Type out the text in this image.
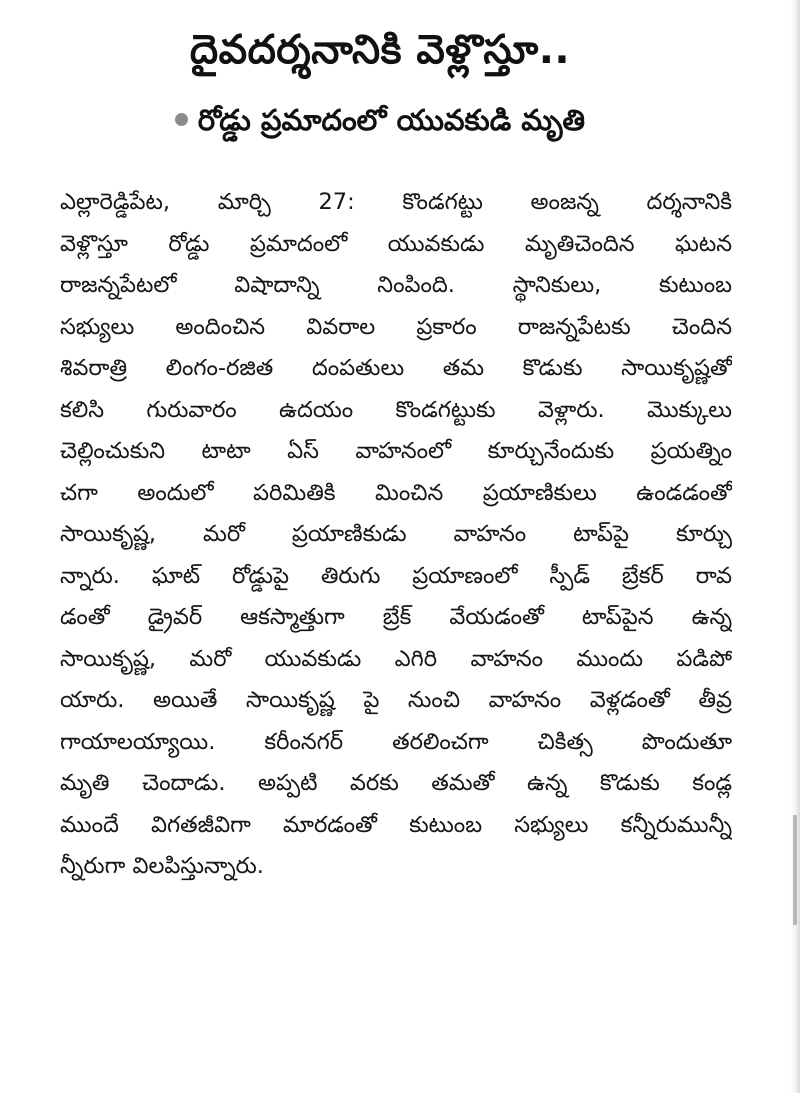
దైవదర్శనానికి వెళ్లొస్తూ..
రోడ్డు ప్రమాదంలో యువకుడి మృతి
ఎల్లారెడ్డిపేట, మార్చి 27: కొండగట్టు అంజన్న దర్శనానికి
వెళ్లొస్తూ రోడ్డు ప్రమాదంలో యువకుడు మృతిచెందిన ఘటన
రాజన్నపేటలో విషాదాన్ని నింపింది. స్థానికులు, కుటుంబ
సభ్యులు అందించిన వివరాల ప్రకారం రాజన్నపేటకు చెందిన
శివరాత్రి లింగం-రజిత దంపతులు తమ కొడుకు సాయికృష్ణతో
కలిసి గురువారం ఉదయం కొండగట్టుకు వెళ్లారు. మొక్కులు
చెల్లించుకుని టాటా ఏస్ వాహనంలో కూర్చునేందుకు ప్రయత్నిం
చగా అందులో పరిమితికి మించిన ప్రయాణికులు ఉండడంతో
సాయికృష్ణ, మరో ప్రయాణికుడు వాహనం టాప్‌పై కూర్చు
న్నారు. ఘాట్ రోడ్డుపై తిరుగు ప్రయాణంలో స్పీడ్ బ్రేకర్ రావ
డంతో డ్రైవర్ ఆకస్మాత్తుగా బ్రేక్ వేయడంతో టాప్‌పైన ఉన్న
సాయికృష్ణ, మరో యువకుడు ఎగిరి వాహనం ముందు పడిపో
యారు. అయితే సాయికృష్ణ పై నుంచి వాహనం వెళ్లడంతో తీవ్ర
గాయాలయ్యాయి. కరీంనగర్ తరలించగా చికిత్స పొందుతూ
మృతి చెందాడు. అప్పటి వరకు తమతో ఉన్న కొడుకు కండ్ల
ముందే విగతజీవిగా మారడంతో కుటుంబ సభ్యులు కన్నీరుమున్నీ
న్నీరుగా విలపిస్తున్నారు.
